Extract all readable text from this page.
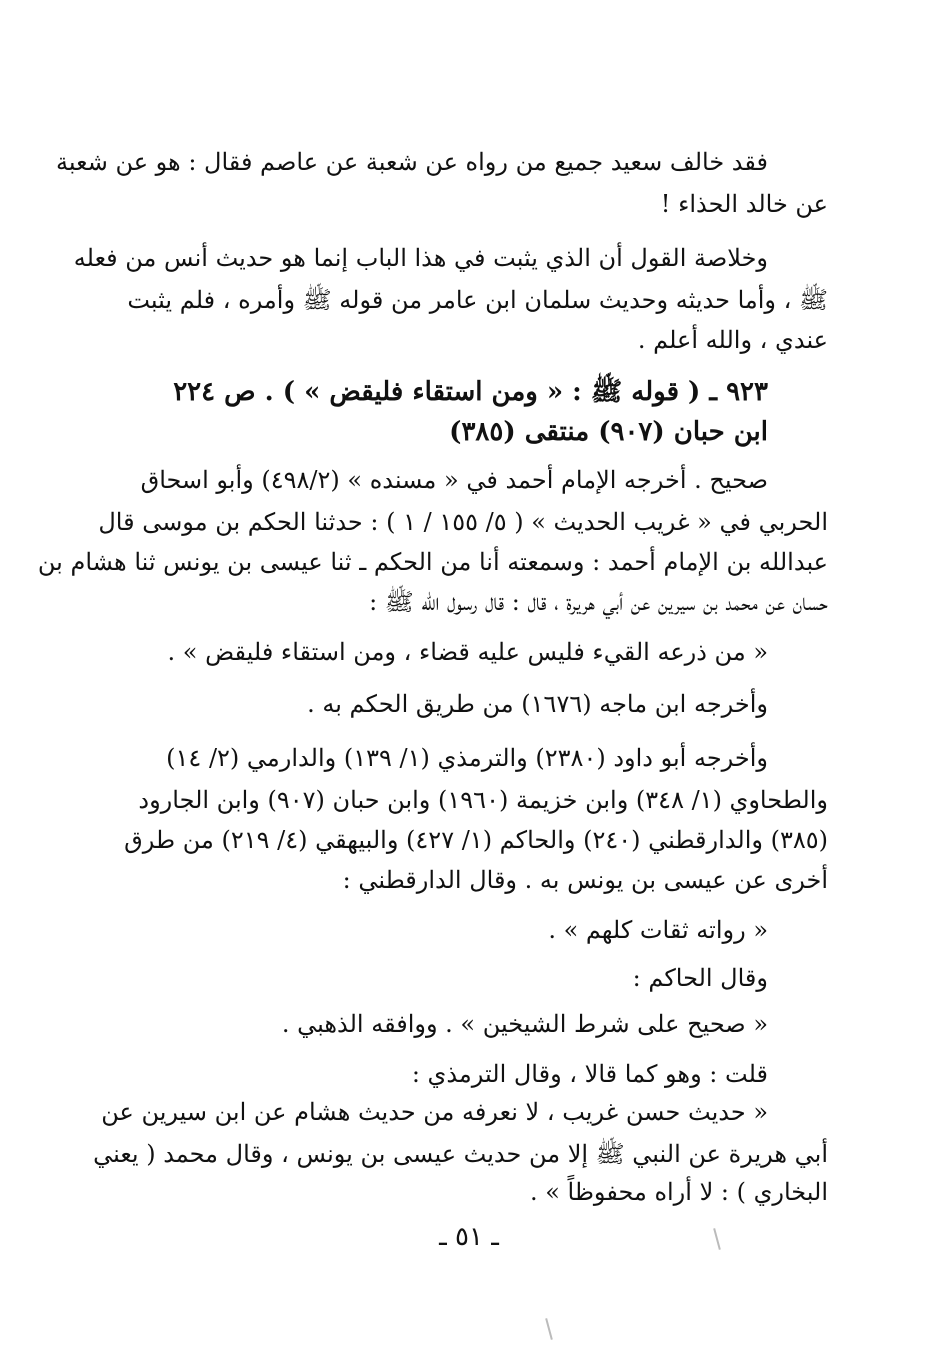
فقد خالف سعيد جميع من رواه عن شعبة عن عاصم فقال : هو عن شعبة
عن خالد الحذاء !
وخلاصة القول أن الذي يثبت في هذا الباب إنما هو حديث أنس من فعله
ﷺ ، وأما حديثه وحديث سلمان ابن عامر من قوله ﷺ وأمره ، فلم يثبت
عندي ، والله أعلم .
٩٢٣ ـ ( قوله ﷺ : « ومن استقاء فليقض » ) . ص ٢٢٤
ابن حبان (٩٠٧) منتقى (٣٨٥)
صحيح . أخرجه الإمام أحمد في « مسنده » (٤٩٨/٢) وأبو اسحاق
الحربي في « غريب الحديث » ( ٥/ ١٥٥ / ١ ) : حدثنا الحكم بن موسى قال
عبدالله بن الإمام أحمد : وسمعته أنا من الحكم ـ ثنا عيسى بن يونس ثنا هشام بن
حسان عن محمد بن سيرين عن أبي هريرة ، قال : قال رسول الله ﷺ :
« من ذرعه القيء فليس عليه قضاء ، ومن استقاء فليقض » .
وأخرجه ابن ماجه (١٦٧٦) من طريق الحكم به .
وأخرجه أبو داود (٢٣٨٠) والترمذي (١/ ١٣٩) والدارمي (٢/ ١٤)
والطحاوي (١/ ٣٤٨) وابن خزيمة (١٩٦٠) وابن حبان (٩٠٧) وابن الجارود
(٣٨٥) والدارقطني (٢٤٠) والحاكم (١/ ٤٢٧) والبيهقي (٤/ ٢١٩) من طرق
أخرى عن عيسى بن يونس به . وقال الدارقطني :
« رواته ثقات كلهم » .
وقال الحاكم :
« صحيح على شرط الشيخين » . ووافقه الذهبي .
قلت : وهو كما قالا ، وقال الترمذي :
« حديث حسن غريب ، لا نعرفه من حديث هشام عن ابن سيرين عن
أبي هريرة عن النبي ﷺ إلا من حديث عيسى بن يونس ، وقال محمد ( يعني
البخاري ) : لا أراه محفوظاً » .
ـ ٥١ ـ
